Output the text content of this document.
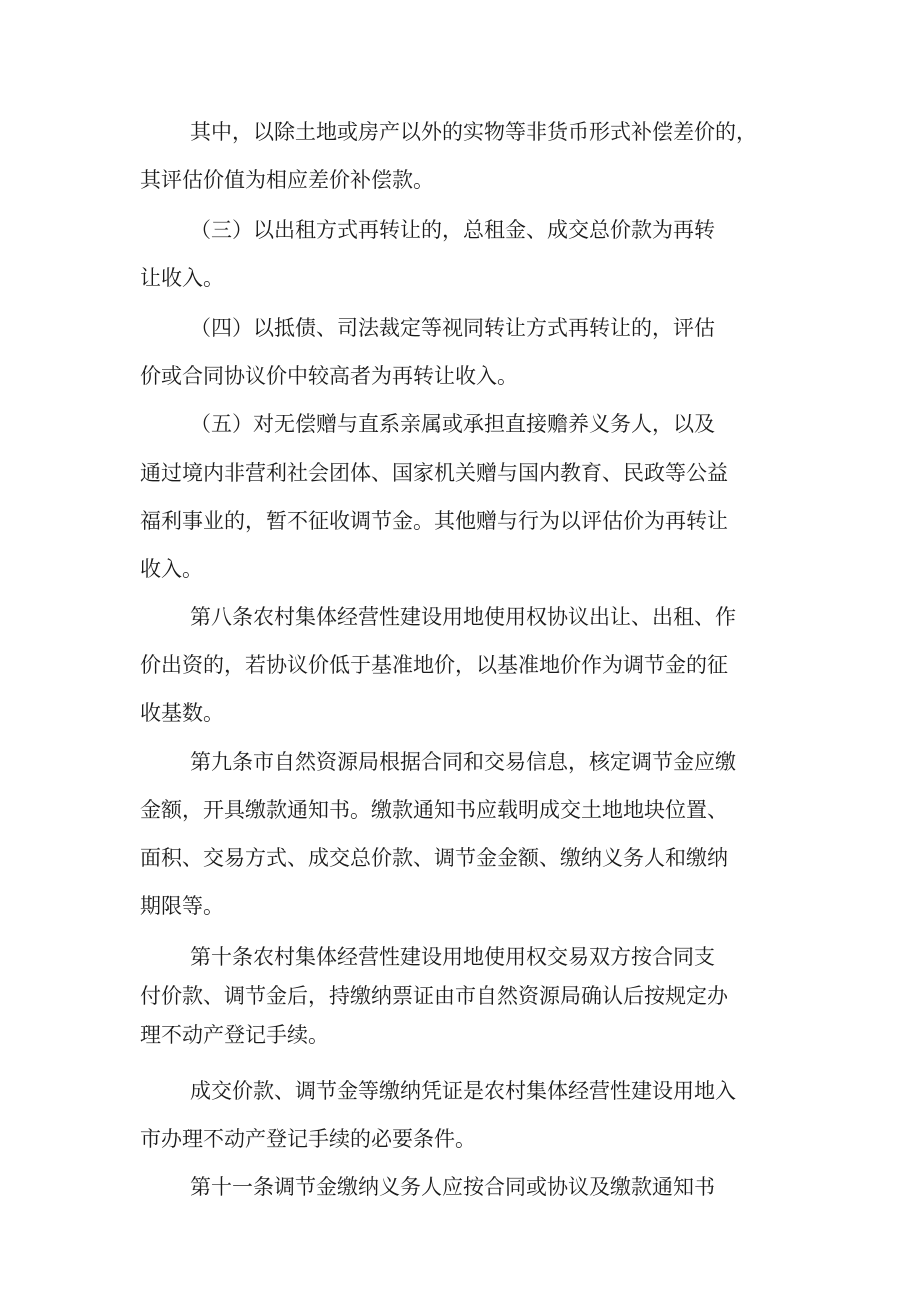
其中，以除土地或房产以外的实物等非货币形式补偿差价的，
其评估价值为相应差价补偿款。
（三）以出租方式再转让的，总租金、成交总价款为再转
让收入。
（四）以抵债、司法裁定等视同转让方式再转让的，评估
价或合同协议价中较高者为再转让收入。
（五）对无偿赠与直系亲属或承担直接赡养义务人，以及
通过境内非营利社会团体、国家机关赠与国内教育、民政等公益
福利事业的，暂不征收调节金。其他赠与行为以评估价为再转让
收入。
第八条农村集体经营性建设用地使用权协议出让、出租、作
价出资的，若协议价低于基准地价，以基准地价作为调节金的征
收基数。
第九条市自然资源局根据合同和交易信息，核定调节金应缴
金额，开具缴款通知书。缴款通知书应载明成交土地地块位置、
面积、交易方式、成交总价款、调节金金额、缴纳义务人和缴纳
期限等。
第十条农村集体经营性建设用地使用权交易双方按合同支
付价款、调节金后，持缴纳票证由市自然资源局确认后按规定办
理不动产登记手续。
成交价款、调节金等缴纳凭证是农村集体经营性建设用地入
市办理不动产登记手续的必要条件。
第十一条调节金缴纳义务人应按合同或协议及缴款通知书
